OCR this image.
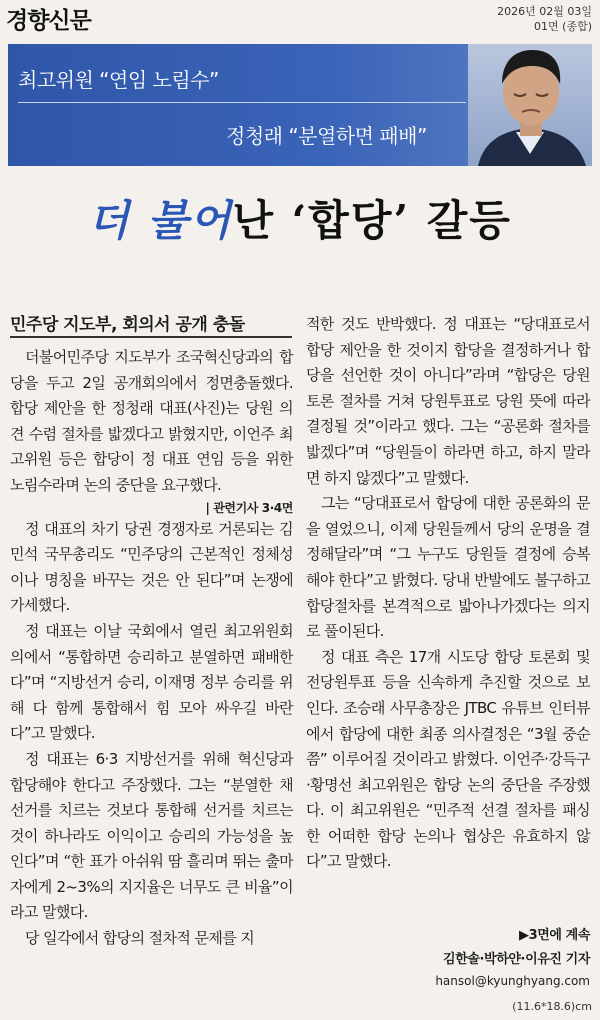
경향신문	2026년 02월 03일
01면 (종합)
최고위원 “연임 노림수”
정청래 “분열하면 패배”
더 불어난 ‘합당’ 갈등
민주당 지도부, 회의서 공개 충돌

더불어민주당 지도부가 조국혁신당과의 합당을 두고 2일 공개회의에서 정면충돌했다. 합당 제안을 한 정청래 대표(사진)는 당원 의견 수렴 절차를 밟겠다고 밝혔지만, 이언주 최고위원 등은 합당이 정 대표 연임 등을 위한 노림수라며 논의 중단을 요구했다.

| 관련기사 3·4면

정 대표의 차기 당권 경쟁자로 거론되는 김민석 국무총리도 “민주당의 근본적인 정체성이나 명칭을 바꾸는 것은 안 된다”며 논쟁에 가세했다.

정 대표는 이날 국회에서 열린 최고위원회의에서 “통합하면 승리하고 분열하면 패배한다”며 “지방선거 승리, 이재명 정부 승리를 위해 다 함께 통합해서 힘 모아 싸우길 바란다”고 말했다.

정 대표는 6·3 지방선거를 위해 혁신당과 합당해야 한다고 주장했다. 그는 “분열한 채 선거를 치르는 것보다 통합해 선거를 치르는 것이 하나라도 이익이고 승리의 가능성을 높인다”며 “한 표가 아쉬워 땀 흘리며 뛰는 출마자에게 2~3%의 지지율은 너무도 큰 비율”이라고 말했다.

당 일각에서 합당의 절차적 문제를 지

적한 것도 반박했다. 정 대표는 “당대표로서 합당 제안을 한 것이지 합당을 결정하거나 합당을 선언한 것이 아니다”라며 “합당은 당원 토론 절차를 거쳐 당원투표로 당원 뜻에 따라 결정될 것”이라고 했다. 그는 “공론화 절차를 밟겠다”며 “당원들이 하라면 하고, 하지 말라면 하지 않겠다”고 말했다.

그는 “당대표로서 합당에 대한 공론화의 문을 열었으니, 이제 당원들께서 당의 운명을 결정해달라”며 “그 누구도 당원들 결정에 승복해야 한다”고 밝혔다. 당내 반발에도 불구하고 합당절차를 본격적으로 밟아나가겠다는 의지로 풀이된다.

정 대표 측은 17개 시도당 합당 토론회 및 전당원투표 등을 신속하게 추진할 것으로 보인다. 조승래 사무총장은 JTBC 유튜브 인터뷰에서 합당에 대한 최종 의사결정은 “3월 중순쯤” 이루어질 것이라고 밝혔다. 이언주·강득구·황명선 최고위원은 합당 논의 중단을 주장했다. 이 최고위원은 “민주적 선결 절차를 패싱한 어떠한 합당 논의나 협상은 유효하지 않다”고 말했다.

▶3면에 계속
김한솔·박하얀·이유진 기자
hansol@kyunghyang.com
(11.6*18.6)cm
